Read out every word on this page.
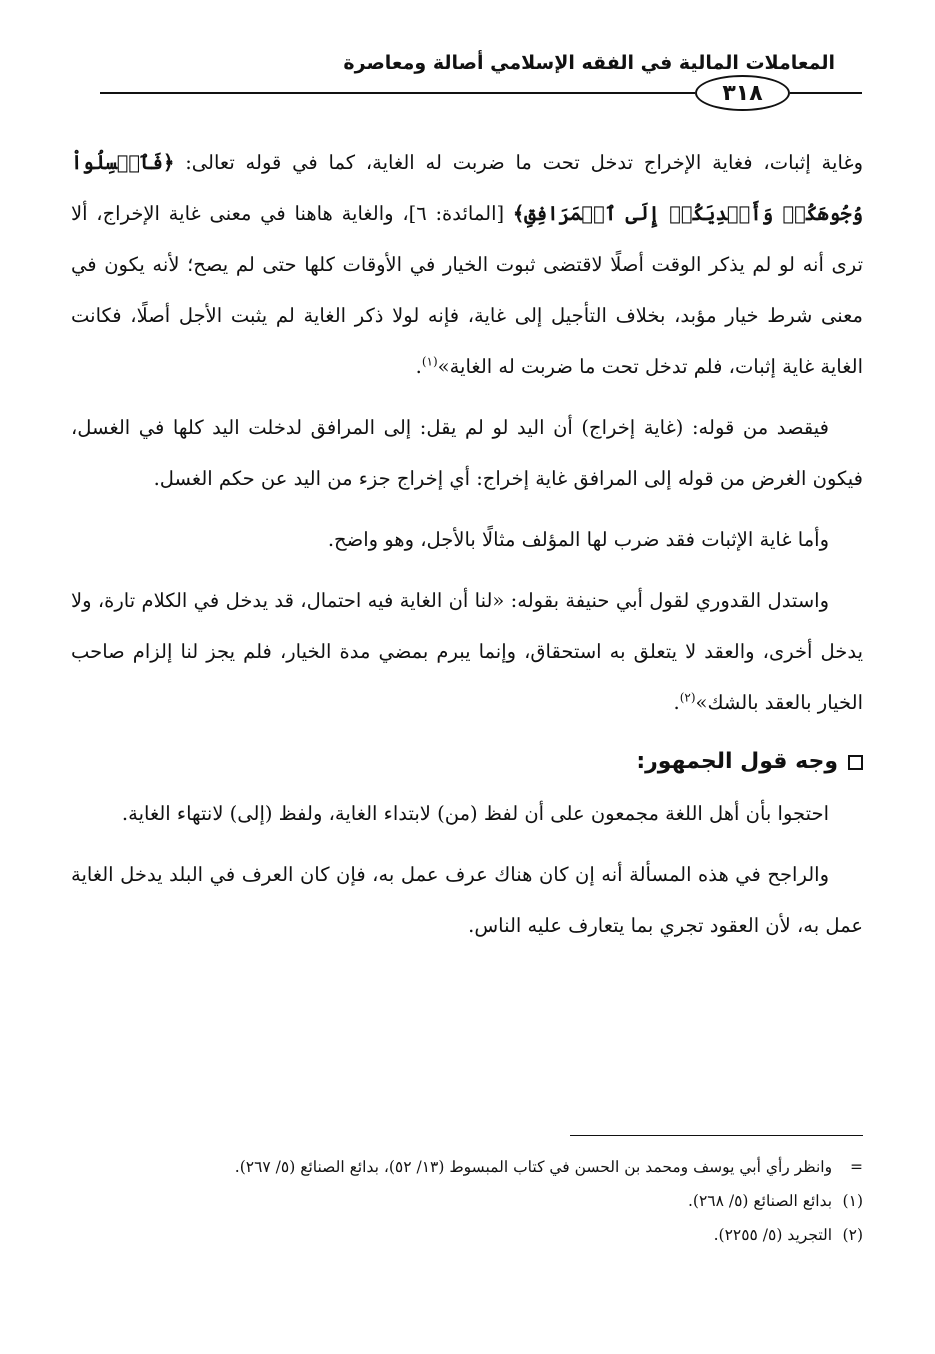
المعاملات المالية في الفقه الإسلامي أصالة ومعاصرة
٣١٨

وغاية إثبات، فغاية الإخراج تدخل تحت ما ضربت له الغاية، كما في قوله تعالى: ﴿فَٱغۡسِلُواْ وُجُوهَكُمۡ وَأَيۡدِيَكُمۡ إِلَى ٱلۡمَرَافِقِ﴾ [المائدة: ٦]، والغاية هاهنا في معنى غاية الإخراج، ألا ترى أنه لو لم يذكر الوقت أصلًا لاقتضى ثبوت الخيار في الأوقات كلها حتى لم يصح؛ لأنه يكون في معنى شرط خيار مؤبد، بخلاف التأجيل إلى غاية، فإنه لولا ذكر الغاية لم يثبت الأجل أصلًا، فكانت الغاية غاية إثبات، فلم تدخل تحت ما ضربت له الغاية»$^{(١)}$.

فيقصد من قوله: (غاية إخراج) أن اليد لو لم يقل: إلى المرافق لدخلت اليد كلها في الغسل، فيكون الغرض من قوله إلى المرافق غاية إخراج: أي إخراج جزء من اليد عن حكم الغسل.

وأما غاية الإثبات فقد ضرب لها المؤلف مثالًا بالأجل، وهو واضح.

واستدل القدوري لقول أبي حنيفة بقوله: «لنا أن الغاية فيه احتمال، قد يدخل في الكلام تارة، ولا يدخل أخرى، والعقد لا يتعلق به استحقاق، وإنما يبرم بمضي مدة الخيار، فلم يجز لنا إلزام صاحب الخيار بالعقد بالشك»$^{(٢)}$.

وجه قول الجمهور:

احتجوا بأن أهل اللغة مجمعون على أن لفظ (من) لابتداء الغاية، ولفظ (إلى) لانتهاء الغاية.

والراجح في هذه المسألة أنه إن كان هناك عرف عمل به، فإن كان العرف في البلد يدخل الغاية عمل به، لأن العقود تجري بما يتعارف عليه الناس.

= وانظر رأي أبي يوسف ومحمد بن الحسن في كتاب المبسوط (١٣/ ٥٢)، بدائع الصنائع (٥/ ٢٦٧).

(١) بدائع الصنائع (٥/ ٢٦٨).

(٢) التجريد (٥/ ٢٢٥٥).
